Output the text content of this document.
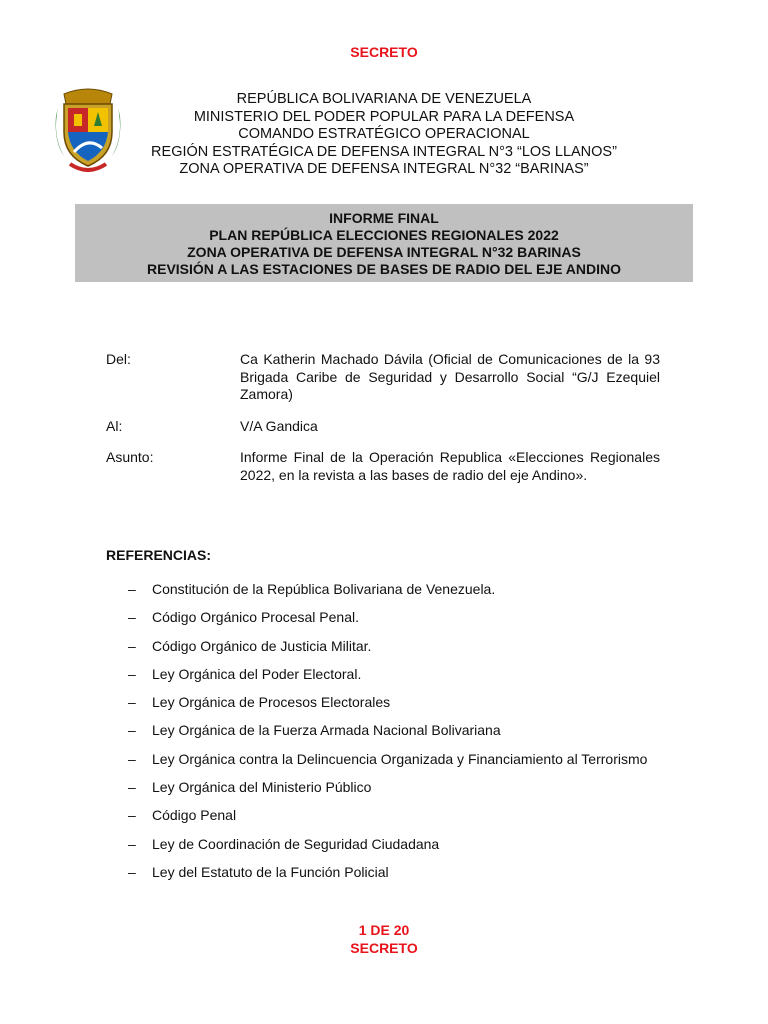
SECRETO
REPÚBLICA BOLIVARIANA DE VENEZUELA
MINISTERIO DEL PODER POPULAR PARA LA DEFENSA
COMANDO ESTRATÉGICO OPERACIONAL
REGIÓN ESTRATÉGICA DE DEFENSA INTEGRAL N°3 “LOS LLANOS”
ZONA OPERATIVA DE DEFENSA INTEGRAL N°32 “BARINAS”
INFORME FINAL
PLAN REPÚBLICA ELECCIONES REGIONALES 2022
ZONA OPERATIVA DE DEFENSA INTEGRAL N°32 BARINAS
REVISIÓN A LAS ESTACIONES DE BASES DE RADIO DEL EJE ANDINO
Del:	Ca Katherin Machado Dávila (Oficial de Comunicaciones de la 93 Brigada Caribe de Seguridad y Desarrollo Social “G/J Ezequiel Zamora)
Al:	V/A Gandica
Asunto:	Informe Final de la Operación Republica «Elecciones Regionales 2022, en la revista a las bases de radio del eje Andino».
REFERENCIAS:
– Constitución de la República Bolivariana de Venezuela.
– Código Orgánico Procesal Penal.
– Código Orgánico de Justicia Militar.
– Ley Orgánica del Poder Electoral.
– Ley Orgánica de Procesos Electorales
– Ley Orgánica de la Fuerza Armada Nacional Bolivariana
– Ley Orgánica contra la Delincuencia Organizada y Financiamiento al Terrorismo
– Ley Orgánica del Ministerio Público
– Código Penal
– Ley de Coordinación de Seguridad Ciudadana
– Ley del Estatuto de la Función Policial
1 DE 20
SECRETO
